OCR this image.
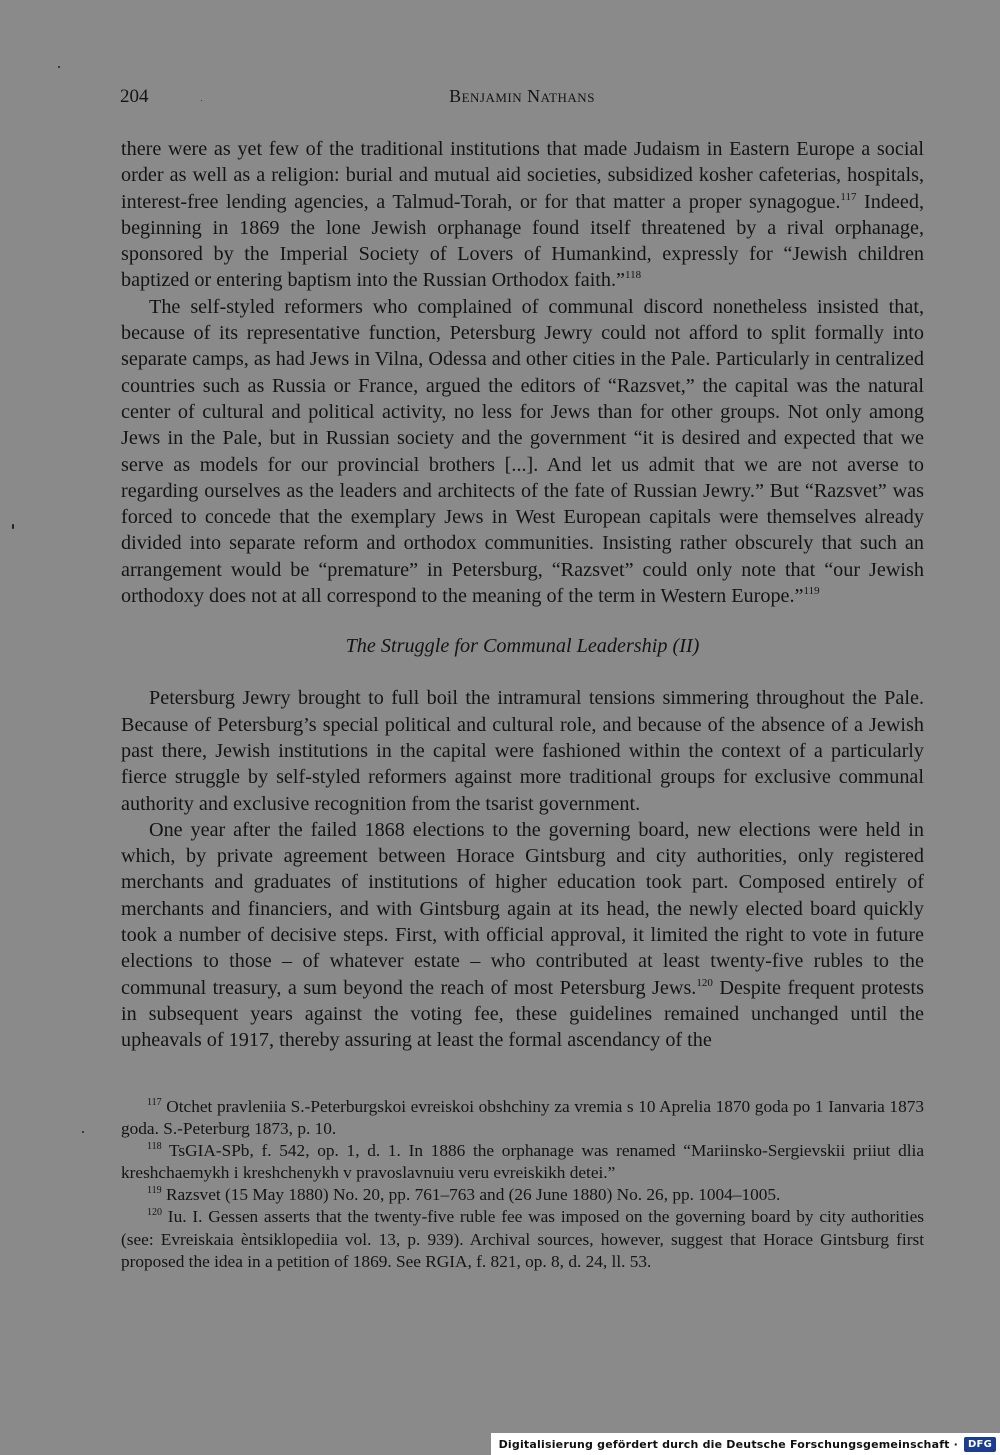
204	Benjamin Nathans

there were as yet few of the traditional institutions that made Judaism in Eastern Europe a social order as well as a religion: burial and mutual aid societies, subsidized kosher cafeterias, hospitals, interest-free lending agencies, a Talmud-Torah, or for that matter a proper synagogue.$^{117}$ Indeed, beginning in 1869 the lone Jewish orphanage found itself threatened by a rival orphanage, sponsored by the Imperial Society of Lovers of Humankind, expressly for “Jewish children baptized or entering baptism into the Russian Orthodox faith.”$^{118}$

The self-styled reformers who complained of communal discord nonetheless insisted that, because of its representative function, Petersburg Jewry could not afford to split formally into separate camps, as had Jews in Vilna, Odessa and other cities in the Pale. Particularly in centralized countries such as Russia or France, argued the editors of “Razsvet,” the capital was the natural center of cultural and political activity, no less for Jews than for other groups. Not only among Jews in the Pale, but in Russian society and the government “it is desired and expected that we serve as models for our provincial brothers [...]. And let us admit that we are not averse to regarding ourselves as the leaders and architects of the fate of Russian Jewry.” But “Razsvet” was forced to concede that the exemplary Jews in West European capitals were themselves already divided into separate reform and orthodox communities. Insisting rather obscurely that such an arrangement would be “premature” in Petersburg, “Razsvet” could only note that “our Jewish orthodoxy does not at all correspond to the meaning of the term in Western Europe.”$^{119}$

The Struggle for Communal Leadership (II)

Petersburg Jewry brought to full boil the intramural tensions simmering throughout the Pale. Because of Petersburg’s special political and cultural role, and because of the absence of a Jewish past there, Jewish institutions in the capital were fashioned within the context of a particularly fierce struggle by self-styled reformers against more traditional groups for exclusive communal authority and exclusive recognition from the tsarist government.

One year after the failed 1868 elections to the governing board, new elections were held in which, by private agreement between Horace Gintsburg and city authorities, only registered merchants and graduates of institutions of higher education took part. Composed entirely of merchants and financiers, and with Gintsburg again at its head, the newly elected board quickly took a number of decisive steps. First, with official approval, it limited the right to vote in future elections to those – of whatever estate – who contributed at least twenty-five rubles to the communal treasury, a sum beyond the reach of most Petersburg Jews.$^{120}$ Despite frequent protests in subsequent years against the voting fee, these guidelines remained unchanged until the upheavals of 1917, thereby assuring at least the formal ascendancy of the

$^{117}$ Otchet pravleniia S.-Peterburgskoi evreiskoi obshchiny za vremia s 10 Aprelia 1870 goda po 1 Ianvaria 1873 goda. S.-Peterburg 1873, p. 10.

$^{118}$ TsGIA-SPb, f. 542, op. 1, d. 1. In 1886 the orphanage was renamed “Mariinsko-Sergievskii priiut dlia kreshchaemykh i kreshchenykh v pravoslavnuiu veru evreiskikh detei.”

$^{119}$ Razsvet (15 May 1880) No. 20, pp. 761–763 and (26 June 1880) No. 26, pp. 1004–1005.

$^{120}$ Iu. I. Gessen asserts that the twenty-five ruble fee was imposed on the governing board by city authorities (see: Evreiskaia èntsiklopediia vol. 13, p. 939). Archival sources, however, suggest that Horace Gintsburg first proposed the idea in a petition of 1869. See RGIA, f. 821, op. 8, d. 24, ll. 53.

Digitalisierung gefördert durch die Deutsche Forschungsgemeinschaft ·	DFG
